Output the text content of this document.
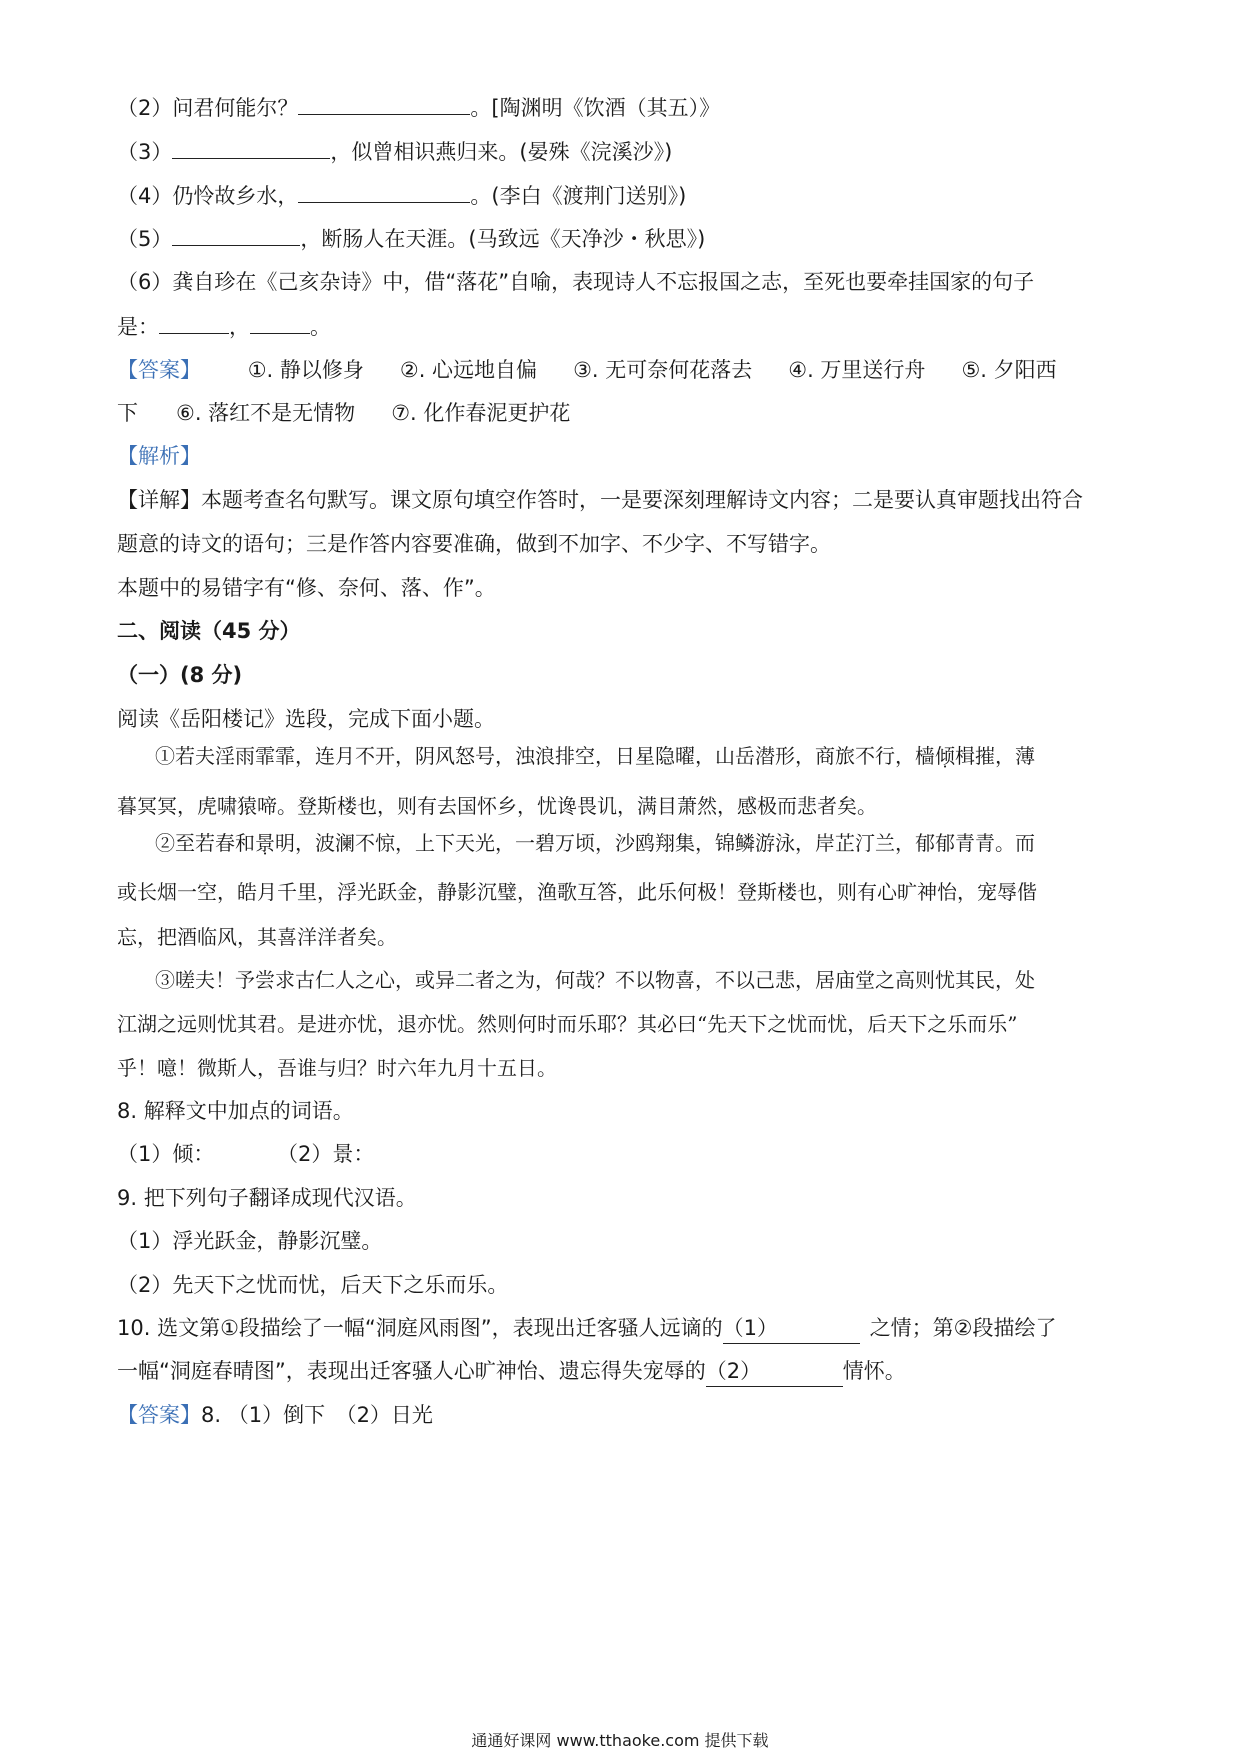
（2）问君何能尔？	。[陶渊明《饮酒（其五）》
（3）	，似曾相识燕归来。(晏殊《浣溪沙》)
（4）仍怜故乡水，	。(李白《渡荆门送别》)
（5）	，断肠人在天涯。(马致远《天净沙・秋思》)
（6）龚自珍在《己亥杂诗》中，借“落花”自喻，表现诗人不忘报国之志，至死也要牵挂国家的句子
是：	，	。
【答案】 ①. 静以修身 ②. 心远地自偏 ③. 无可奈何花落去 ④. 万里送行舟 ⑤. 夕阳西
下 ⑥. 落红不是无情物 ⑦. 化作春泥更护花
【解析】
【详解】本题考查名句默写。课文原句填空作答时，一是要深刻理解诗文内容；二是要认真审题找出符合
题意的诗文的语句；三是作答内容要准确，做到不加字、不少字、不写错字。
本题中的易错字有“修、奈何、落、作”。
二、阅读（45 分）
（一）(8 分)
阅读《岳阳楼记》选段，完成下面小题。
①若夫淫雨霏霏，连月不开，阴风怒号，浊浪排空，日星隐曜，山岳潜形，商旅不行，樯倾楫摧，薄
暮冥冥，虎啸猿啼。登斯楼也，则有去国怀乡，忧谗畏讥，满目萧然，感极而悲者矣。
②至若春和景明，波澜不惊，上下天光，一碧万顷，沙鸥翔集，锦鳞游泳，岸芷汀兰，郁郁青青。而
或长烟一空，皓月千里，浮光跃金，静影沉璧，渔歌互答，此乐何极！登斯楼也，则有心旷神怡，宠辱偕
忘，把酒临风，其喜洋洋者矣。
③嗟夫！予尝求古仁人之心，或异二者之为，何哉？不以物喜，不以己悲，居庙堂之高则忧其民，处
江湖之远则忧其君。是进亦忧，退亦忧。然则何时而乐耶？其必曰“先天下之忧而忧，后天下之乐而乐”
乎！噫！微斯人，吾谁与归？时六年九月十五日。
8. 解释文中加点的词语。
（1）倾：	（2）景：
9. 把下列句子翻译成现代汉语。
（1）浮光跃金，静影沉璧。
（2）先天下之忧而忧，后天下之乐而乐。
10. 选文第①段描绘了一幅“洞庭风雨图”，表现出迁客骚人远谪的（1）	之情；第②段描绘了
一幅“洞庭春晴图”，表现出迁客骚人心旷神怡、遗忘得失宠辱的（2）	情怀。
【答案】8. （1）倒下　（2）日光
通通好课网 www.tthaoke.com 提供下载
